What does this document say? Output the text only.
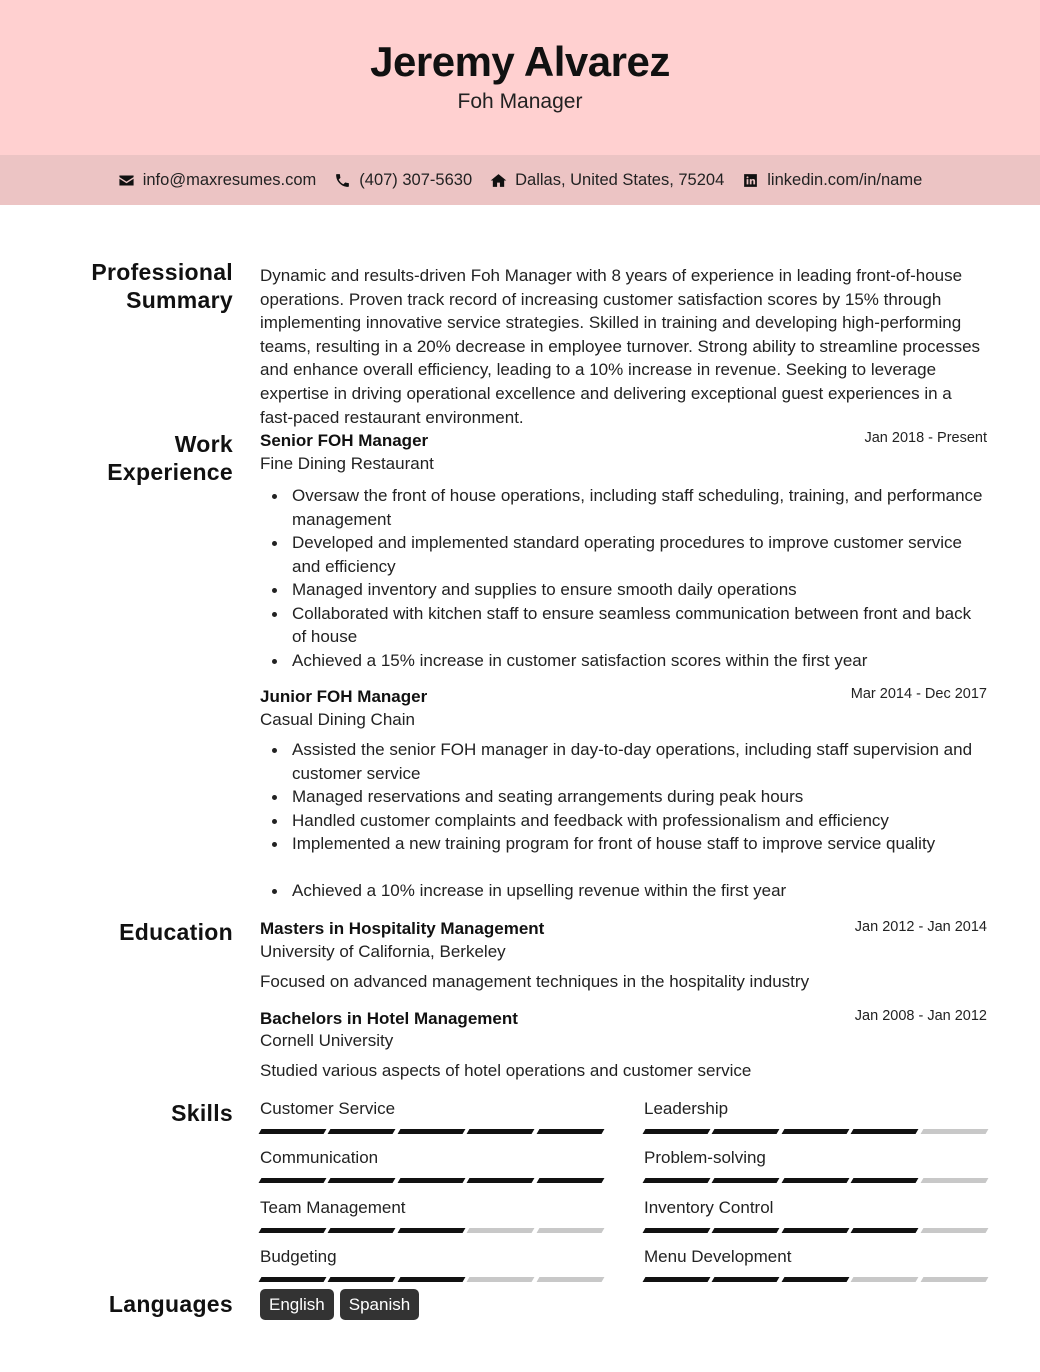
Jeremy Alvarez
Foh Manager
info@maxresumes.com	(407) 307-5630	Dallas, United States, 75204	linkedin.com/in/name
Professional
Summary
Dynamic and results-driven Foh Manager with 8 years of experience in leading front-of-house operations. Proven track record of increasing customer satisfaction scores by 15% through implementing innovative service strategies. Skilled in training and developing high-performing teams, resulting in a 20% decrease in employee turnover. Strong ability to streamline processes and enhance overall efficiency, leading to a 10% increase in revenue. Seeking to leverage expertise in driving operational excellence and delivering exceptional guest experiences in a fast-paced restaurant environment.
Work
Experience
Senior FOH Manager	Jan 2018 - Present
Fine Dining Restaurant
Oversaw the front of house operations, including staff scheduling, training, and performance management
Developed and implemented standard operating procedures to improve customer service and efficiency
Managed inventory and supplies to ensure smooth daily operations
Collaborated with kitchen staff to ensure seamless communication between front and back of house
Achieved a 15% increase in customer satisfaction scores within the first year
Junior FOH Manager	Mar 2014 - Dec 2017
Casual Dining Chain
Assisted the senior FOH manager in day-to-day operations, including staff supervision and customer service
Managed reservations and seating arrangements during peak hours
Handled customer complaints and feedback with professionalism and efficiency
Implemented a new training program for front of house staff to improve service quality
Achieved a 10% increase in upselling revenue within the first year
Education Masters in Hospitality Management	Jan 2012 - Jan 2014
University of California, Berkeley
Focused on advanced management techniques in the hospitality industry
Bachelors in Hotel Management	Jan 2008 - Jan 2012
Cornell University
Studied various aspects of hotel operations and customer service
Skills Customer Service	Leadership
Communication	Problem-solving
Team Management	Inventory Control
Budgeting	Menu Development
Languages	English	Spanish
